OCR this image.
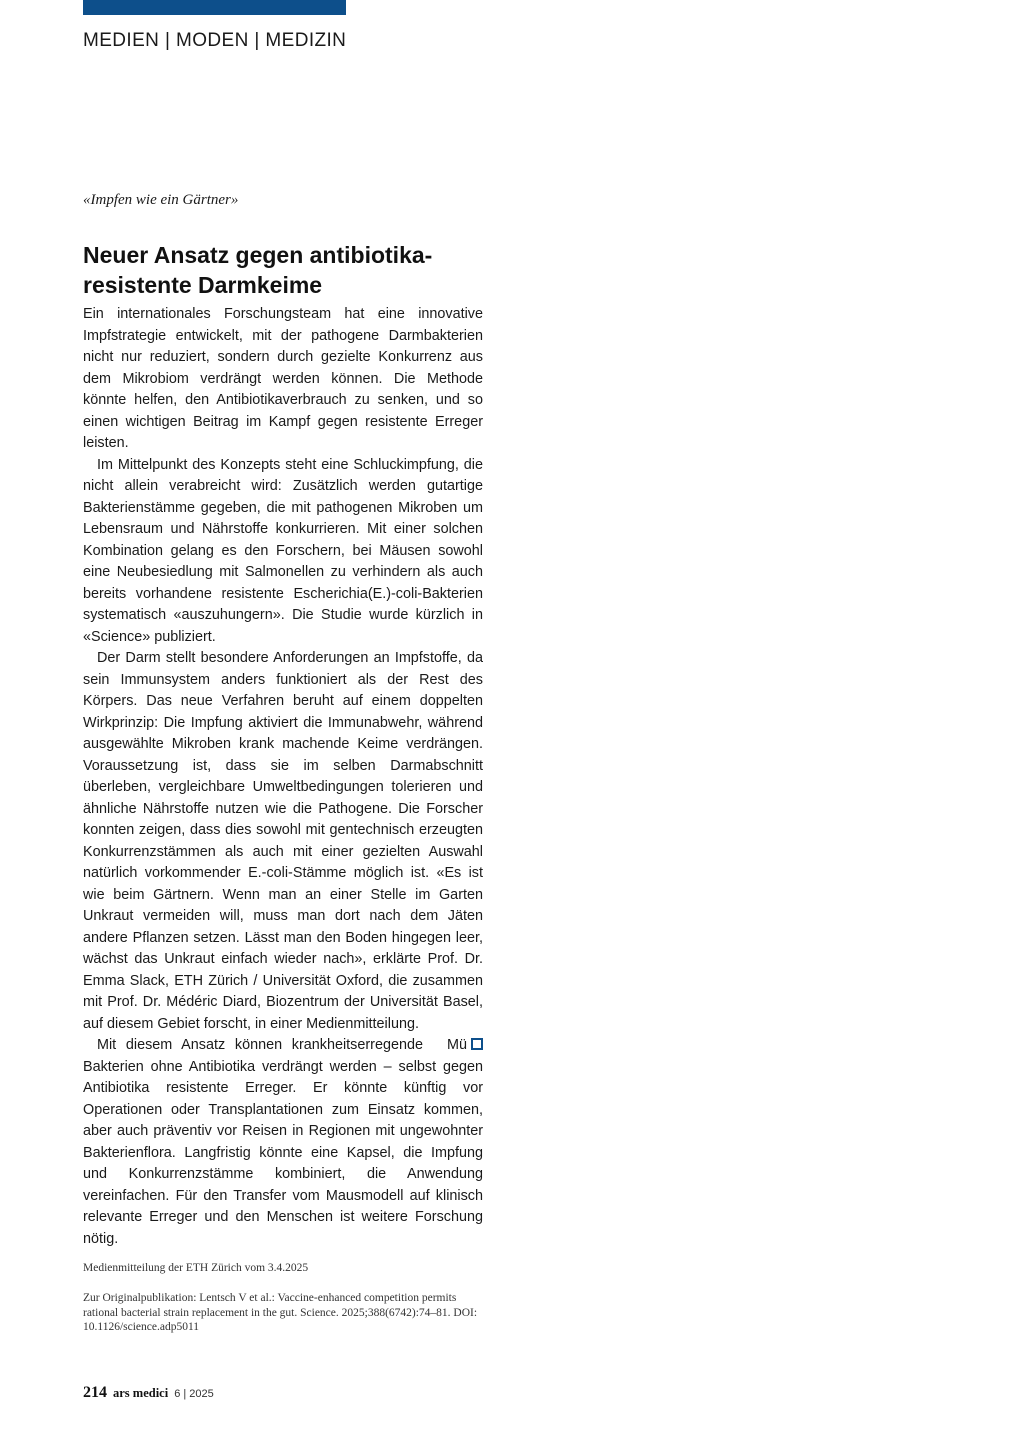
MEDIEN | MODEN | MEDIZIN
«Impfen wie ein Gärtner»
Neuer Ansatz gegen antibiotika-
resistente Darmkeime

Ein internationales Forschungsteam hat eine innovative Impfstrategie entwickelt, mit der pathogene Darmbakterien nicht nur reduziert, sondern durch gezielte Konkurrenz aus dem Mikrobiom verdrängt werden können. Die Methode könnte helfen, den Antibiotikaverbrauch zu senken, und so einen wichtigen Beitrag im Kampf gegen resistente Erreger leisten.

Im Mittelpunkt des Konzepts steht eine Schluckimpfung, die nicht allein verabreicht wird: Zusätzlich werden gutartige Bakterienstämme gegeben, die mit pathogenen Mikroben um Lebensraum und Nährstoffe konkurrieren. Mit einer solchen Kombination gelang es den Forschern, bei Mäusen sowohl eine Neubesiedlung mit Salmonellen zu verhindern als auch bereits vorhandene resistente Escherichia(E.)-coli-Bakterien systematisch «auszuhungern». Die Studie wurde kürzlich in «Science» publiziert.

Der Darm stellt besondere Anforderungen an Impfstoffe, da sein Immunsystem anders funktioniert als der Rest des Körpers. Das neue Verfahren beruht auf einem doppelten Wirkprinzip: Die Impfung aktiviert die Immunabwehr, während ausgewählte Mikroben krank machende Keime verdrängen. Voraussetzung ist, dass sie im selben Darmabschnitt überleben, vergleichbare Umweltbedingungen tolerieren und ähnliche Nährstoffe nutzen wie die Pathogene. Die Forscher konnten zeigen, dass dies sowohl mit gentechnisch erzeugten Konkurrenzstämmen als auch mit einer gezielten Auswahl natürlich vorkommender E.-coli-Stämme möglich ist. «Es ist wie beim Gärtnern. Wenn man an einer Stelle im Garten Unkraut vermeiden will, muss man dort nach dem Jäten andere Pflanzen setzen. Lässt man den Boden hingegen leer, wächst das Unkraut einfach wieder nach», erklärte Prof. Dr. Emma Slack, ETH Zürich / Universität Oxford, die zusammen mit Prof. Dr. Médéric Diard, Biozentrum der Universität Basel, auf diesem Gebiet forscht, in einer Medienmitteilung.

Mü
Mit diesem Ansatz können krankheitserregende Bakterien ohne Antibiotika verdrängt werden – selbst gegen Antibiotika resistente Erreger. Er könnte künftig vor Operationen oder Transplantationen zum Einsatz kommen, aber auch präventiv vor Reisen in Regionen mit ungewohnter Bakterienflora. Langfristig könnte eine Kapsel, die Impfung und Konkurrenzstämme kombiniert, die Anwendung vereinfachen. Für den Transfer vom Mausmodell auf klinisch relevante Erreger und den Menschen ist weitere Forschung nötig.

Medienmitteilung der ETH Zürich vom 3.4.2025
Zur Originalpublikation: Lentsch V et al.: Vaccine-enhanced competition permits rational bacterial strain replacement in the gut. Science. 2025;388(6742):74–81. DOI: 10.1126/science.adp5011
214 ars medici 6 | 2025
